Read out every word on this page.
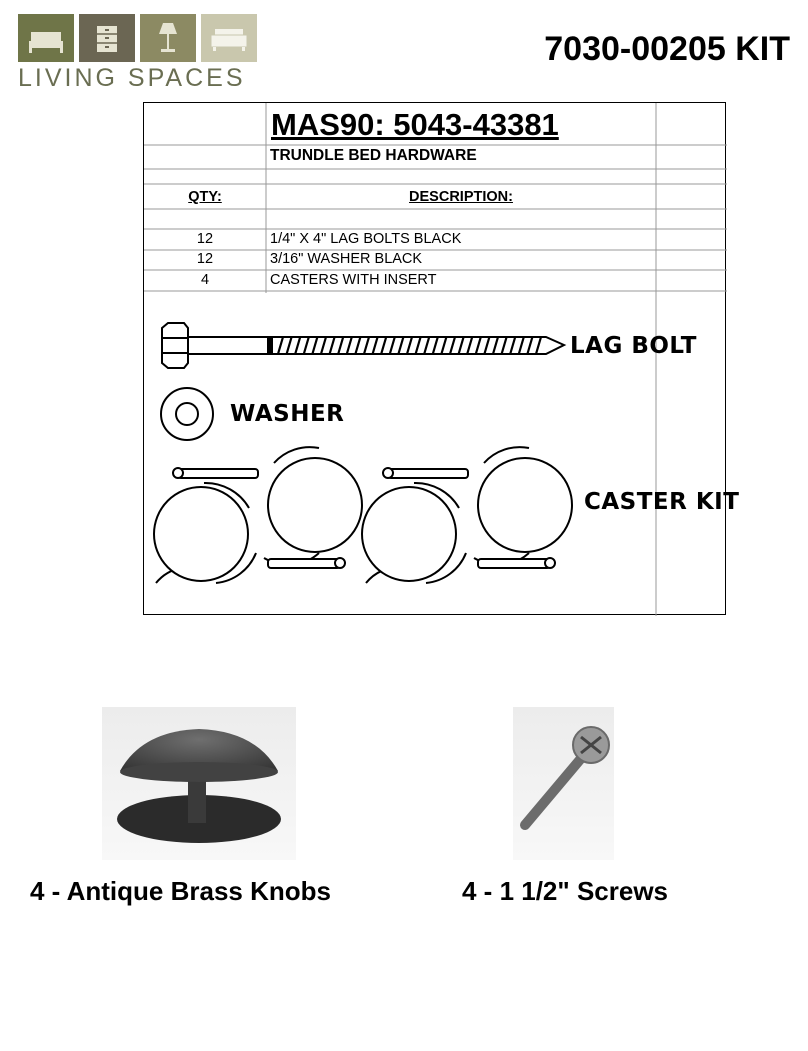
LIVING SPACES
7030-00205 KIT
MAS90: 5043-43381
TRUNDLE BED HARDWARE
QTY:	DESCRIPTION:
12	1/4" X 4" LAG BOLTS BLACK
12	3/16" WASHER BLACK
4	CASTERS WITH INSERT
LAG BOLT
WASHER
CASTER KIT
4 - Antique Brass Knobs	4 - 1 1/2" Screws
